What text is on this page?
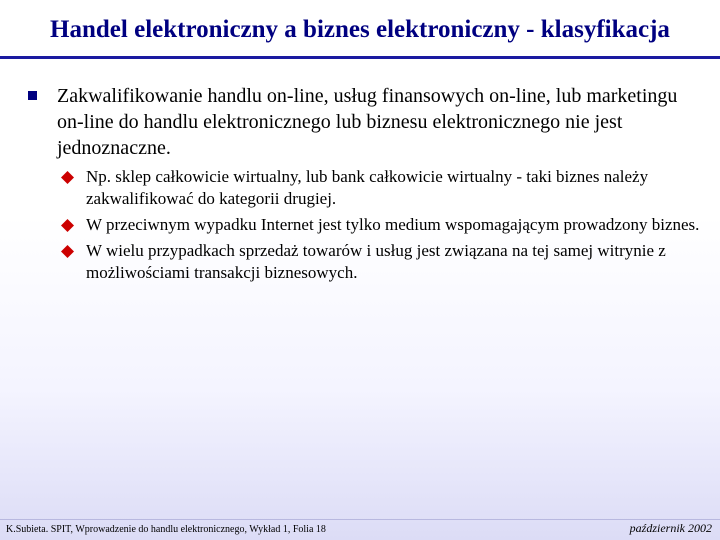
Handel elektroniczny a biznes elektroniczny - klasyfikacja
Zakwalifikowanie handlu on-line, usług finansowych on-line, lub marketingu on-line do handlu elektronicznego lub biznesu elektronicznego nie jest jednoznaczne.
Np. sklep całkowicie wirtualny, lub bank całkowicie wirtualny - taki biznes należy zakwalifikować do kategorii drugiej.
W przeciwnym wypadku Internet jest tylko medium wspomagającym prowadzony biznes.
W wielu przypadkach sprzedaż towarów i usług jest związana na tej samej witrynie z możliwościami transakcji biznesowych.
K.Subieta. SPIT, Wprowadzenie do handlu elektronicznego, Wykład 1, Folia 18	październik 2002
